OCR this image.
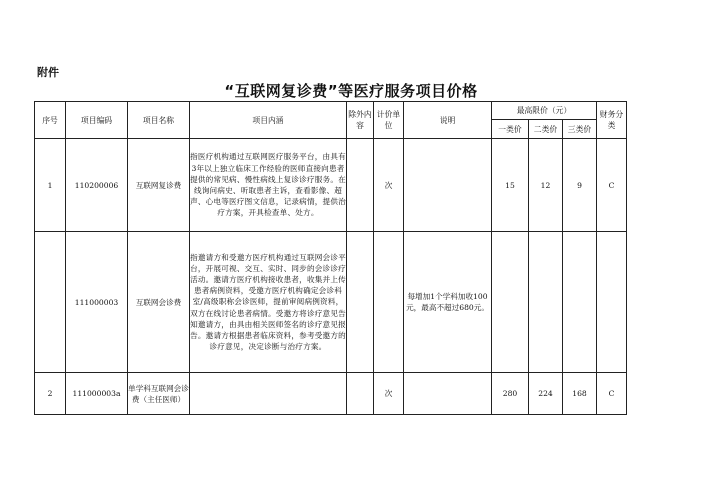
附件
“互联网复诊费”等医疗服务项目价格
序号	项目编码	项目名称	项目内涵	除外内容	计价单位	说明	最高限价（元）			财务分类
							一类价	二类价	三类价	
1	110200006	互联网复诊费	指医疗机构通过互联网医疗服务平台，由具有3年以上独立临床工作经验的医师直接向患者提供的常见病、慢性病线上复诊诊疗服务。在线询问病史、听取患者主诉，查看影像、超声、心电等医疗图文信息，记录病情，提供治疗方案，开具检查单、处方。		次		15	12	9	C
	111000003	互联网会诊费	指邀请方和受邀方医疗机构通过互联网会诊平台，开展可视、交互、实时、同步的会诊诊疗活动。邀请方医疗机构接收患者，收集并上传患者病例资料，受邀方医疗机构确定会诊科室/高级职称会诊医师，提前审阅病例资料，双方在线讨论患者病情。受邀方将诊疗意见告知邀请方，由具由相关医师签名的诊疗意见报告。邀请方根据患者临床资料，参考受邀方的诊疗意见，决定诊断与治疗方案。			每增加1个学科加收100元，最高不超过680元。				
2	111000003a	单学科互联网会诊费（主任医师）			次		280	224	168	C
